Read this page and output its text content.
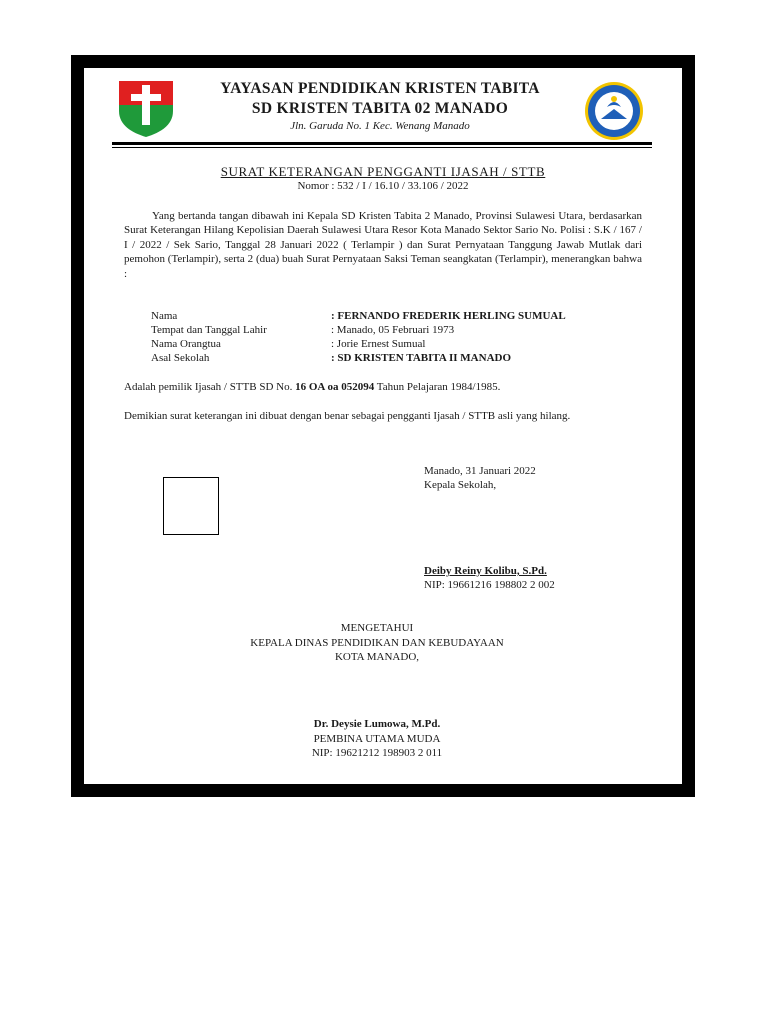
YAYASAN PENDIDIKAN KRISTEN TABITA
SD KRISTEN TABITA 02 MANADO
Jln. Garuda No. 1 Kec. Wenang Manado
SURAT KETERANGAN PENGGANTI IJASAH / STTB
Nomor : 532 / I / 16.10 / 33.106 / 2022
Yang bertanda tangan dibawah ini Kepala SD Kristen Tabita 2 Manado, Provinsi Sulawesi Utara, berdasarkan Surat Keterangan Hilang Kepolisian Daerah Sulawesi Utara Resor Kota Manado Sektor Sario No. Polisi : S.K / 167 / I / 2022 / Sek Sario, Tanggal 28 Januari 2022 ( Terlampir ) dan Surat Pernyataan Tanggung Jawab Mutlak dari pemohon (Terlampir), serta 2 (dua) buah Surat Pernyataan Saksi Teman seangkatan (Terlampir), menerangkan bahwa :
Nama	: FERNANDO FREDERIK HERLING SUMUAL
Tempat dan Tanggal Lahir	: Manado, 05 Februari 1973
Nama Orangtua	: Jorie Ernest Sumual
Asal Sekolah	: SD KRISTEN TABITA II MANADO
Adalah pemilik Ijasah / STTB SD No. 16 OA oa 052094 Tahun Pelajaran 1984/1985.
Demikian surat keterangan ini dibuat dengan benar sebagai pengganti Ijasah / STTB asli yang hilang.
Manado, 31 Januari 2022
Kepala Sekolah,
Deiby Reiny Kolibu, S.Pd.
NIP: 19661216 198802 2 002
MENGETAHUI
KEPALA DINAS PENDIDIKAN DAN KEBUDAYAAN
KOTA MANADO,
Dr. Deysie Lumowa, M.Pd.
PEMBINA UTAMA MUDA
NIP: 19621212 198903 2 011
